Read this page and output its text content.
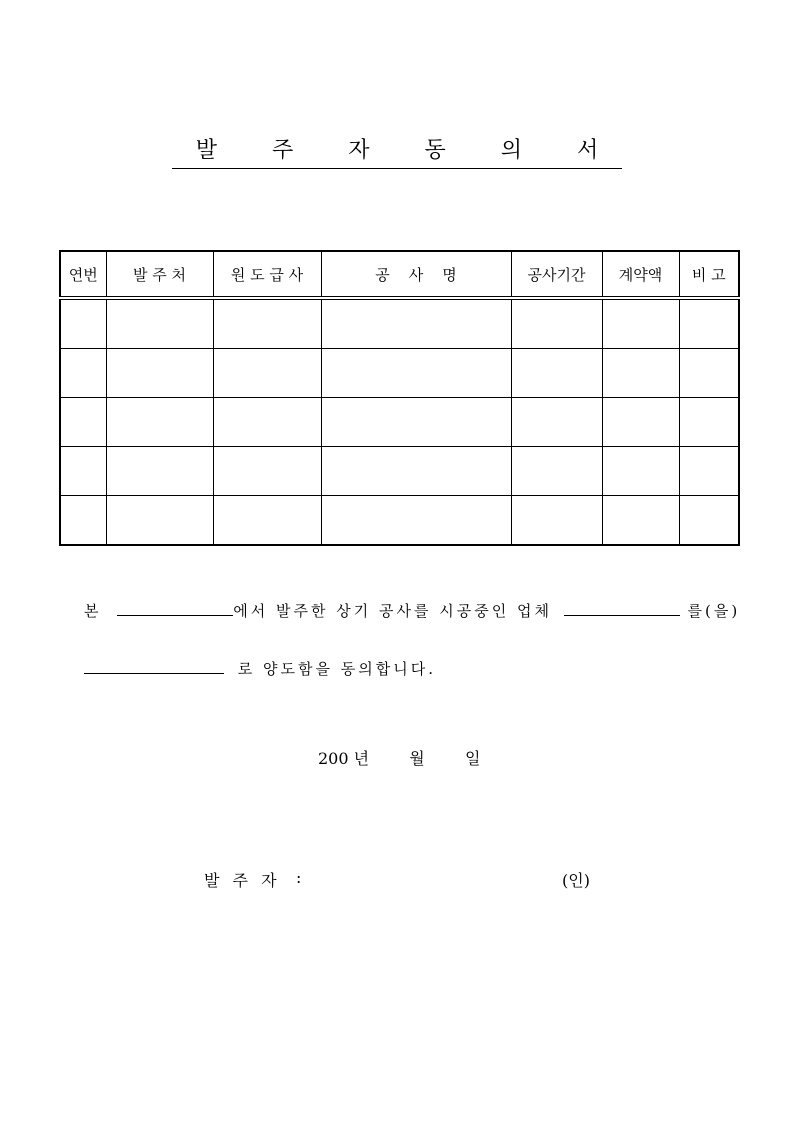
발 주 자 동 의 서
연번	발 주 처	원 도 급 사	공    사    명	공사기간	계약액	비 고

본	에서 발주한 상기 공사를 시공중인 업체	를(을)
로 양도함을 동의합니다.
200 년	월	일
발 주 자 :	(인)
